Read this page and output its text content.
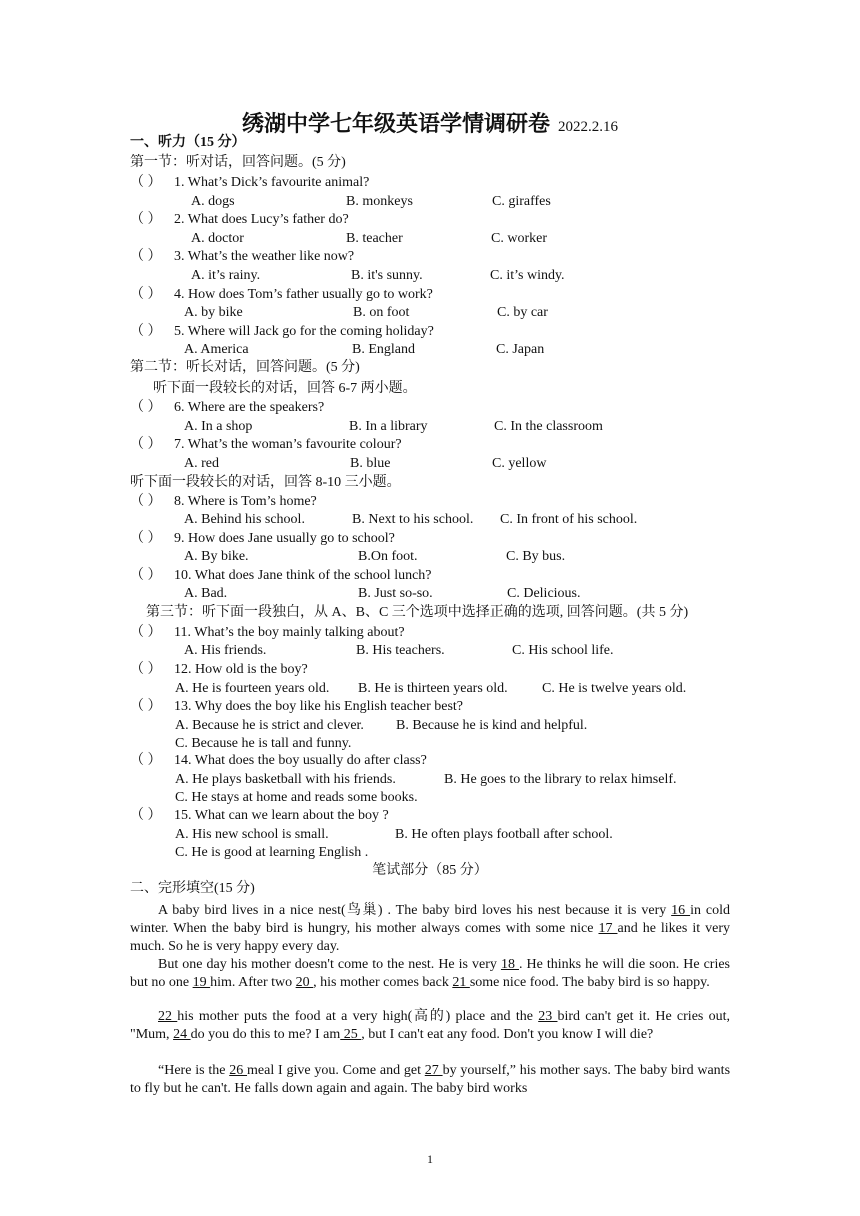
绣湖中学七年级英语学情调研卷 2022.2.16
一、听力（15 分）
第一节：听对话，回答问题。(5 分)
（ ） 1. What’s Dick’s favourite animal?
A. dogs	B. monkeys	C. giraffes
（ ） 2. What does Lucy’s father do?
A. doctor	B. teacher	C. worker
（ ） 3. What’s the weather like now?
A. it’s rainy.	B. it's sunny.	C. it’s windy.
（ ） 4. How does Tom’s father usually go to work?
A. by bike	B. on foot	C. by car
（ ） 5. Where will Jack go for the coming holiday?
A. America	B. England	C. Japan
第二节：听长对话，回答问题。(5 分)
听下面一段较长的对话，回答 6-7 两小题。
（ ） 6. Where are the speakers?
A. In a shop	B. In a library	C. In the classroom
（ ） 7. What’s the woman’s favourite colour?
A. red	B. blue	C. yellow
听下面一段较长的对话，回答 8-10 三小题。
（ ） 8. Where is Tom’s home?
A. Behind his school.	B. Next to his school. C. In front of his school.
（ ） 9. How does Jane usually go to school?
A. By bike.	B.On foot.	C. By bus.
（ ） 10. What does Jane think of the school lunch?
A. Bad.	B. Just so-so.	C. Delicious.
第三节：听下面一段独白，从 A、B、C 三个选项中选择正确的选项, 回答问题。(共 5 分)
（ ） 11. What’s the boy mainly talking about?
A. His friends.	B. His teachers.	C. His school life.
（ ） 12. How old is the boy?
A. He is fourteen years old. B. He is thirteen years old. C. He is twelve years old.
（ ） 13. Why does the boy like his English teacher best?
A. Because he is strict and clever. B. Because he is kind and helpful.
C. Because he is tall and funny.
（ ） 14. What does the boy usually do after class?
A. He plays basketball with his friends.	B. He goes to the library to relax himself.
C. He stays at home and reads some books.
（ ） 15. What can we learn about the boy ?
A. His new school is small.	B. He often plays football after school.
C. He is good at learning English .
笔试部分（85 分）
二、完形填空(15 分)
A baby bird lives in a nice nest(鸟巢) . The baby bird loves his nest because it is very 16 in cold winter. When the baby bird is hungry, his mother always comes with some nice 17 and he likes it very much. So he is very happy every day.
But one day his mother doesn't come to the nest. He is very 18 . He thinks he will die soon. He cries but no one 19 him. After two 20 , his mother comes back 21 some nice food. The baby bird is so happy.
22 his mother puts the food at a very high(高的) place and the 23 bird can't get it. He cries out, "Mum, 24 do you do this to me? I am 25 , but I can't eat any food. Don't you know I will die?
“Here is the 26 meal I give you. Come and get 27 by yourself,” his mother says. The baby bird wants to fly but he can't. He falls down again and again. The baby bird works
1
